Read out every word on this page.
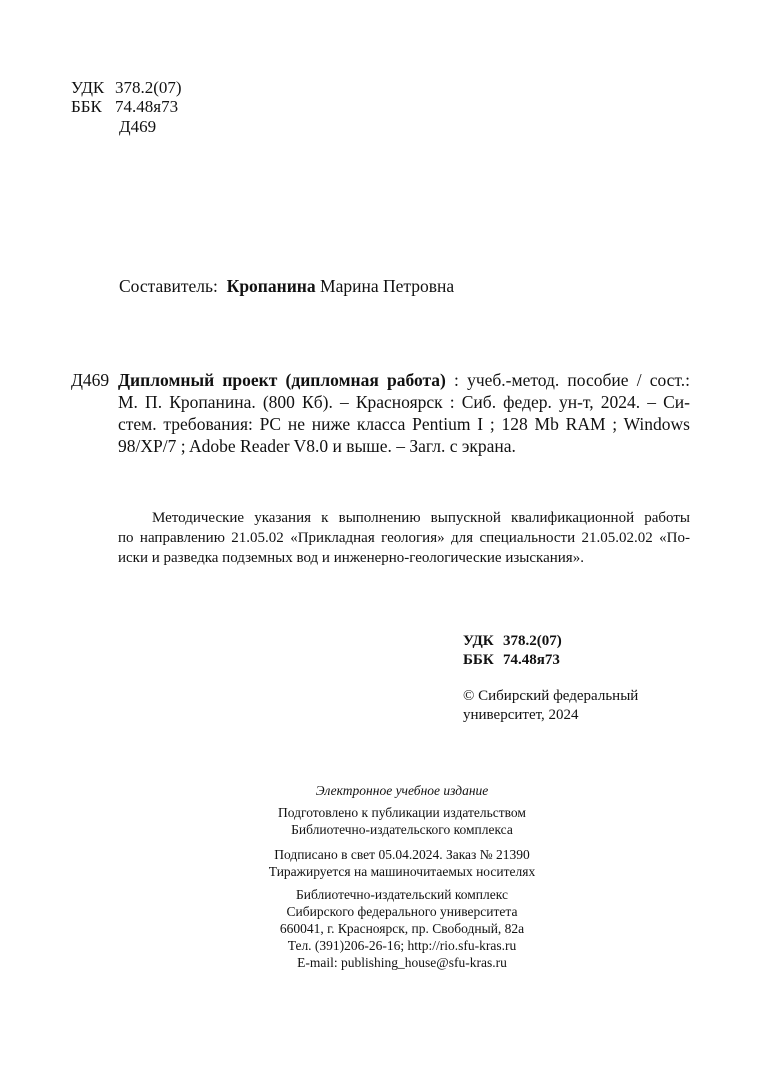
УДК 378.2(07)
ББК 74.48я73
Д469
Составитель: Кропанина Марина Петровна
Д469 Дипломный проект (дипломная работа) : учеб.-метод. пособие / сост.:
М. П. Кропанина. (800 Кб). – Красноярск : Сиб. федер. ун-т, 2024. – Си-
стем. требования: PC не ниже класса Pentium I ; 128 Mb RAM ; Windows
98/XP/7 ; Adobe Reader V8.0 и выше. – Загл. с экрана.
Методические указания к выполнению выпускной квалификационной работы
по направлению 21.05.02 «Прикладная геология» для специальности 21.05.02.02 «По-
иски и разведка подземных вод и инженерно-геологические изыскания».
УДК 378.2(07)
ББК 74.48я73
© Сибирский федеральный
университет, 2024
Электронное учебное издание
Подготовлено к публикации издательством
Библиотечно-издательского комплекса
Подписано в свет 05.04.2024. Заказ № 21390
Тиражируется на машиночитаемых носителях
Библиотечно-издательский комплекс
Сибирского федерального университета
660041, г. Красноярск, пр. Свободный, 82а
Тел. (391)206-26-16; http://rio.sfu-kras.ru
E-mail: publishing_house@sfu-kras.ru
